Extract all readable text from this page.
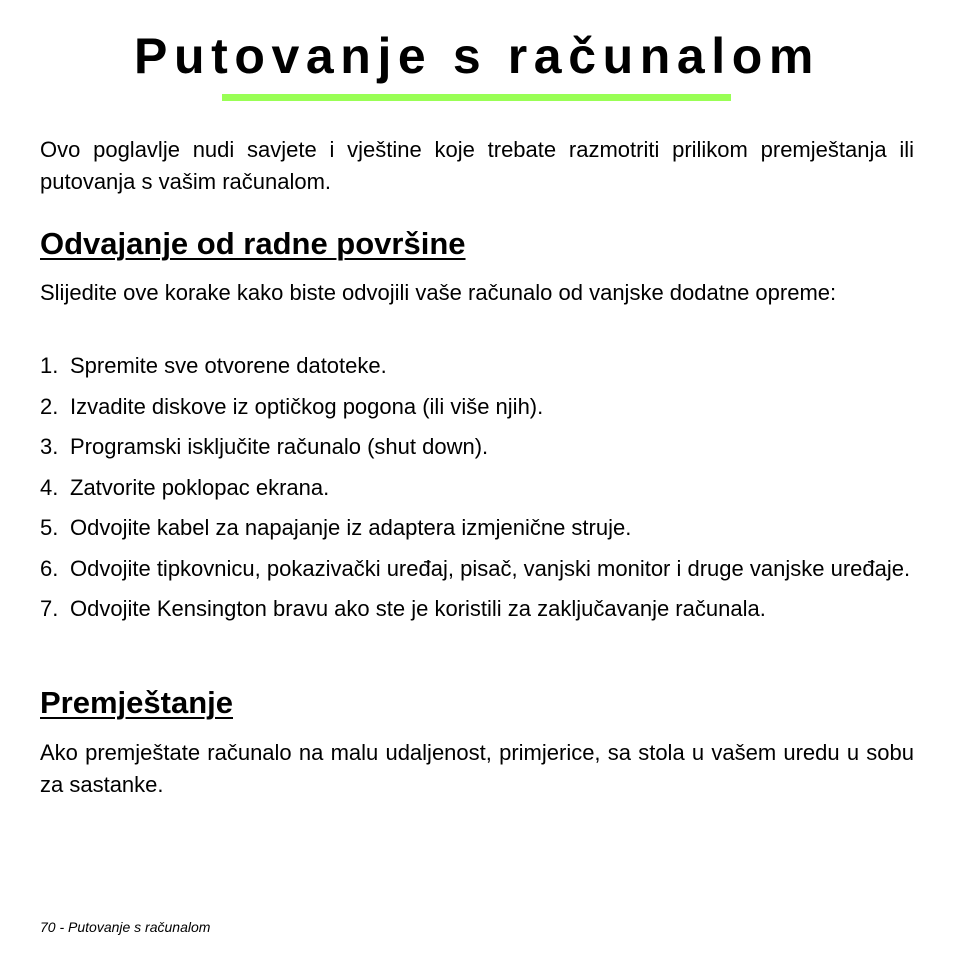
Putovanje s računalom

Ovo poglavlje nudi savjete i vještine koje trebate razmotriti prilikom premještanja ili putovanja s vašim računalom.

Odvajanje od radne površine

Slijedite ove korake kako biste odvojili vaše računalo od vanjske dodatne opreme:

1. Spremite sve otvorene datoteke.
2. Izvadite diskove iz optičkog pogona (ili više njih).
3. Programski isključite računalo (shut down).
4. Zatvorite poklopac ekrana.
5. Odvojite kabel za napajanje iz adaptera izmjenične struje.
6. Odvojite tipkovnicu, pokazivački uređaj, pisač, vanjski monitor i druge vanjske uređaje.
7. Odvojite Kensington bravu ako ste je koristili za zaključavanje računala.
Premještanje

Ako premještate računalo na malu udaljenost, primjerice, sa stola u vašem uredu u sobu za sastanke.

70 - Putovanje s računalom
